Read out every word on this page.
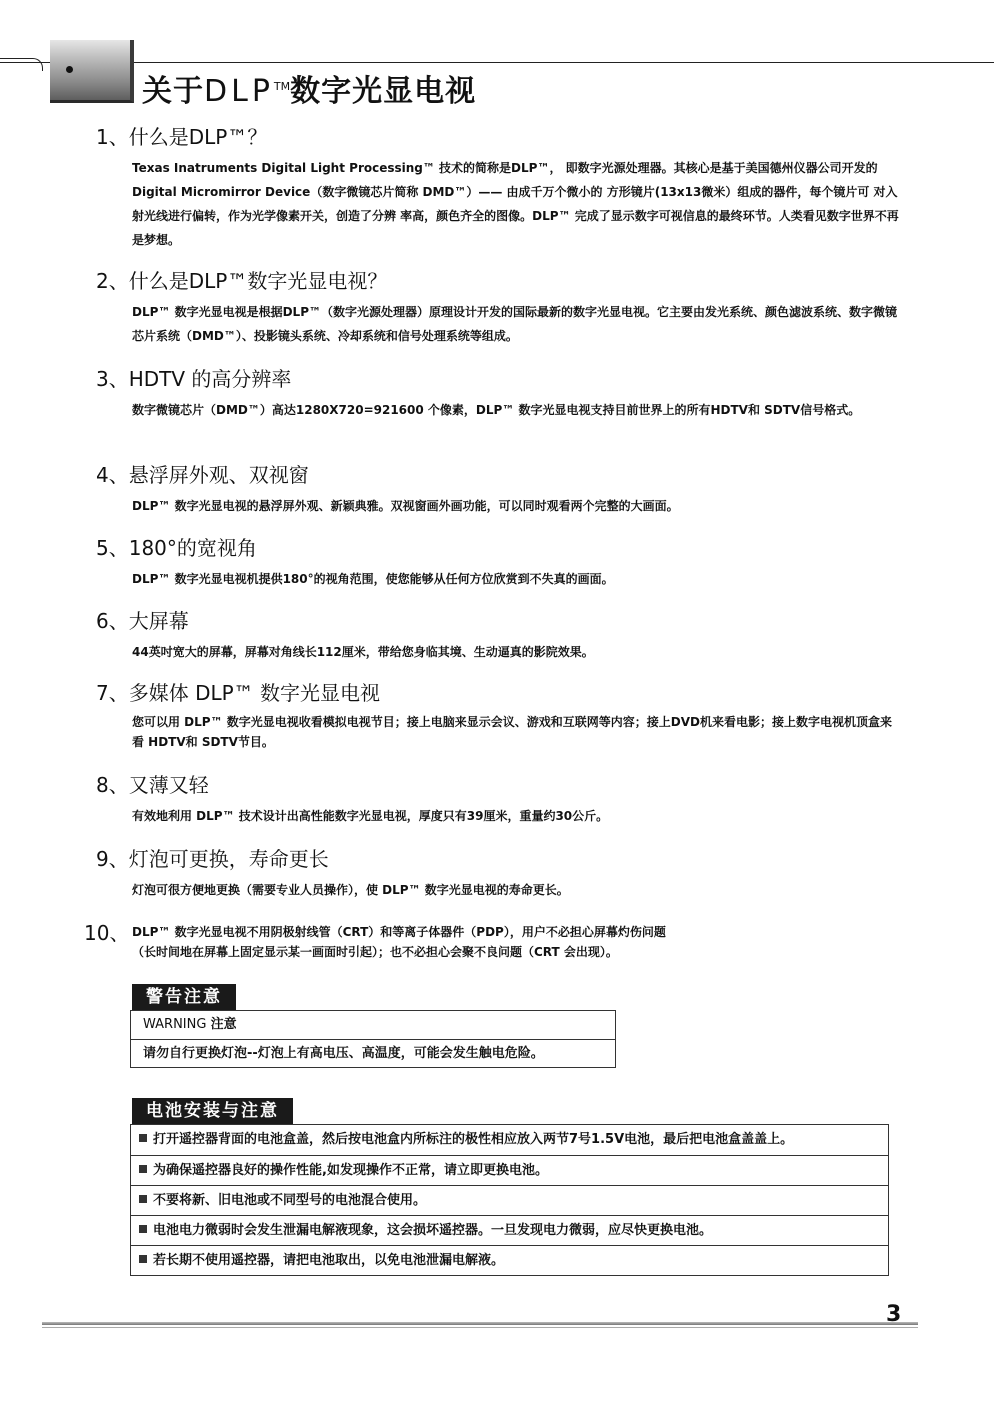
关于DLP™数字光显电视
1、什么是DLP™？

Texas Inatruments Digital Light Processing™ 技术的简称是DLP™， 即数字光源处理器。其核心是基于美国德州仪器公司开发的 Digital Micromirror Device（数字微镜芯片简称 DMD™）—— 由成千万个微小的 方形镜片(13x13微米）组成的器件，每个镜片可 对入射光线进行偏转，作为光学像素开关，创造了分辨 率高，颜色齐全的图像。DLP™ 完成了显示数字可视信息的最终环节。人类看见数字世界不再是梦想。

2、什么是DLP™数字光显电视？

DLP™ 数字光显电视是根据DLP™（数字光源处理器）原理设计开发的国际最新的数字光显电视。它主要由发光系统、颜色滤波系统、数字微镜芯片系统（DMD™）、投影镜头系统、冷却系统和信号处理系统等组成。

3、HDTV 的高分辨率

数字微镜芯片（DMD™）高达1280X720=921600 个像素，DLP™ 数字光显电视支持目前世界上的所有HDTV和 SDTV信号格式。

4、悬浮屏外观、双视窗

DLP™ 数字光显电视的悬浮屏外观、新颖典雅。双视窗画外画功能，可以同时观看两个完整的大画面。

5、180°的宽视角

DLP™ 数字光显电视机提供180°的视角范围，使您能够从任何方位欣赏到不失真的画面。

6、大屏幕

44英吋宽大的屏幕，屏幕对角线长112厘米，带给您身临其境、生动逼真的影院效果。

7、多媒体 DLP™ 数字光显电视

您可以用 DLP™ 数字光显电视收看模拟电视节目；接上电脑来显示会议、游戏和互联网等内容；接上DVD机来看电影；接上数字电视机顶盒来看 HDTV和 SDTV节目。

8、又薄又轻

有效地利用 DLP™ 技术设计出高性能数字光显电视，厚度只有39厘米，重量约30公斤。

9、灯泡可更换，寿命更长

灯泡可很方便地更换（需要专业人员操作），使 DLP™ 数字光显电视的寿命更长。

10、 DLP™ 数字光显电视不用阴极射线管（CRT）和等离子体器件（PDP），用户不必担心屏幕灼伤问题

（长时间地在屏幕上固定显示某一画面时引起）；也不必担心会聚不良问题（CRT 会出现）。

警告注意
WARNING 注意
请勿自行更换灯泡--灯泡上有高电压、高温度，可能会发生触电危险。
电池安装与注意
打开遥控器背面的电池盒盖，然后按电池盒内所标注的极性相应放入两节7号1.5V电池，最后把电池盒盖盖上。
为确保遥控器良好的操作性能,如发现操作不正常，请立即更换电池。
不要将新、旧电池或不同型号的电池混合使用。
电池电力微弱时会发生泄漏电解液现象，这会损坏遥控器。一旦发现电力微弱，应尽快更换电池。
若长期不使用遥控器，请把电池取出，以免电池泄漏电解液。
3
